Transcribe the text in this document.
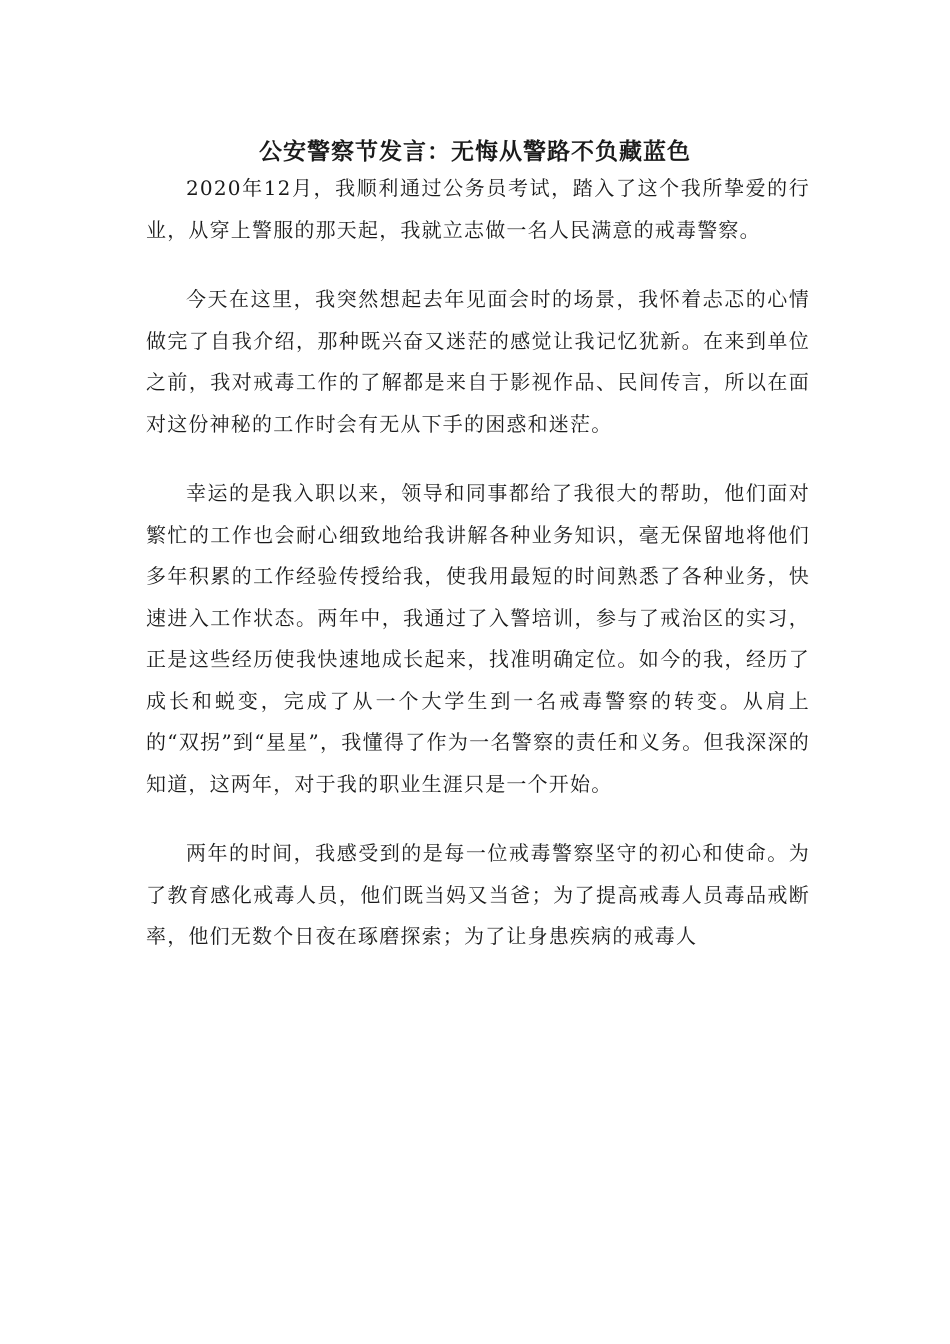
公安警察节发言：无悔从警路不负藏蓝色

2020年12月，我顺利通过公务员考试，踏入了这个我所挚爱的行业，从穿上警服的那天起，我就立志做一名人民满意的戒毒警察。

今天在这里，我突然想起去年见面会时的场景，我怀着忐忑的心情做完了自我介绍，那种既兴奋又迷茫的感觉让我记忆犹新。在来到单位之前，我对戒毒工作的了解都是来自于影视作品、民间传言，所以在面对这份神秘的工作时会有无从下手的困惑和迷茫。

幸运的是我入职以来，领导和同事都给了我很大的帮助，他们面对繁忙的工作也会耐心细致地给我讲解各种业务知识，毫无保留地将他们多年积累的工作经验传授给我，使我用最短的时间熟悉了各种业务，快速进入工作状态。两年中，我通过了入警培训，参与了戒治区的实习，正是这些经历使我快速地成长起来，找准明确定位。如今的我，经历了成长和蜕变，完成了从一个大学生到一名戒毒警察的转变。从肩上的“双拐”到“星星”，我懂得了作为一名警察的责任和义务。但我深深的知道，这两年，对于我的职业生涯只是一个开始。

两年的时间，我感受到的是每一位戒毒警察坚守的初心和使命。为了教育感化戒毒人员，他们既当妈又当爸；为了提高戒毒人员毒品戒断率，他们无数个日夜在琢磨探索；为了让身患疾病的戒毒人
